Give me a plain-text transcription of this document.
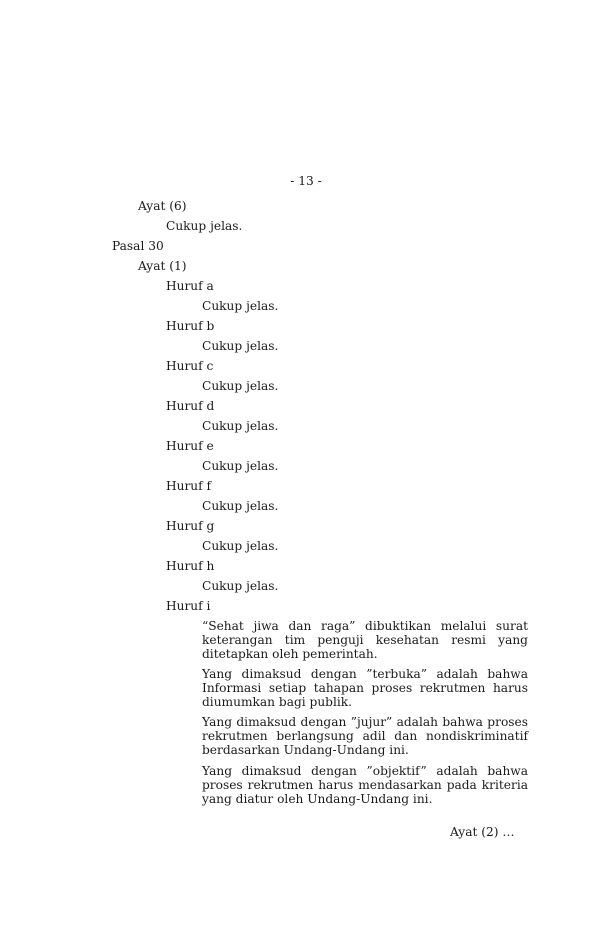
- 13 -
Ayat (6)
Cukup jelas.
Pasal 30
Ayat (1)
Huruf a
Cukup jelas.
Huruf b
Cukup jelas.
Huruf c
Cukup jelas.
Huruf d
Cukup jelas.
Huruf e
Cukup jelas.
Huruf f
Cukup jelas.
Huruf g
Cukup jelas.
Huruf h
Cukup jelas.
Huruf i

“Sehat jiwa dan raga” dibuktikan melalui surat keterangan tim penguji kesehatan resmi yang ditetapkan oleh pemerintah.

Yang dimaksud dengan ”terbuka” adalah bahwa Informasi setiap tahapan proses rekrutmen harus diumumkan bagi publik.

Yang dimaksud dengan ”jujur” adalah bahwa proses rekrutmen berlangsung adil dan nondiskriminatif berdasarkan Undang-Undang ini.

Yang dimaksud dengan ”objektif” adalah bahwa proses rekrutmen harus mendasarkan pada kriteria yang diatur oleh Undang-Undang ini.

Ayat (2) …
